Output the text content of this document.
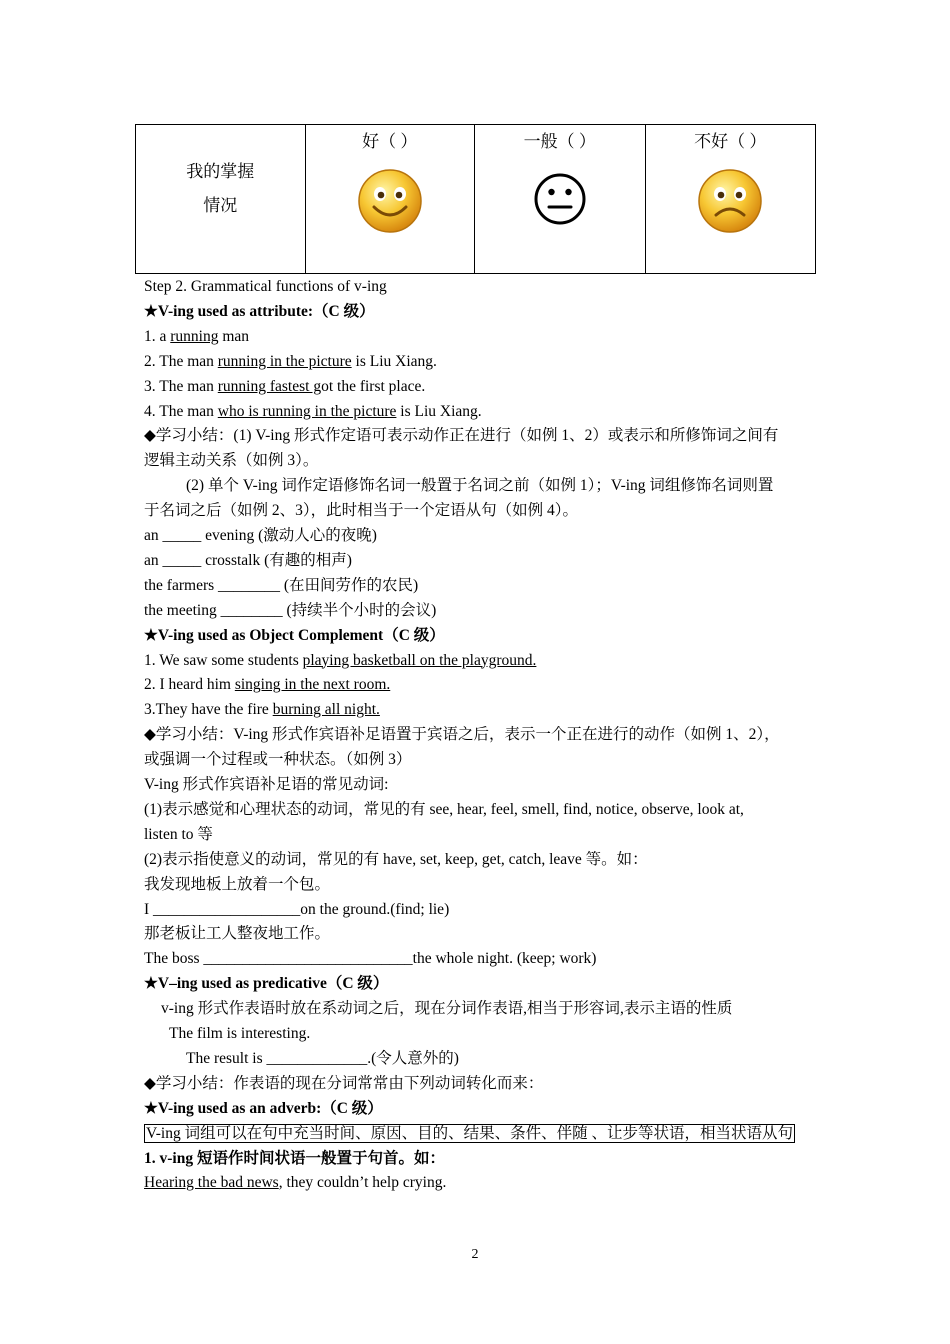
我的掌握
情况
好（ ）	一般（ ）	不好（ ）
Step 2. Grammatical functions of v-ing
★V-ing used as attribute:（C 级）
1. a running man
2. The man running in the picture is Liu Xiang.
3. The man running fastest got the first place.
4. The man who is running in the picture is Liu Xiang.
◆学习小结：(1) V-ing 形式作定语可表示动作正在进行（如例 1、2）或表示和所修饰词之间有
逻辑主动关系（如例 3）。
(2) 单个 V-ing 词作定语修饰名词一般置于名词之前（如例 1）；V-ing 词组修饰名词则置
于名词之后（如例 2、3），此时相当于一个定语从句（如例 4）。
an _____ evening (激动人心的夜晚)
an _____ crosstalk (有趣的相声)
the farmers ________ (在田间劳作的农民)
the meeting ________ (持续半个小时的会议)
★V-ing used as Object Complement（C 级）
1. We saw some students playing basketball on the playground.
2. I heard him singing in the next room.
3.They have the fire burning all night.
◆学习小结：V-ing 形式作宾语补足语置于宾语之后，表示一个正在进行的动作（如例 1、2），
或强调一个过程或一种状态。（如例 3）
V-ing 形式作宾语补足语的常见动词:
(1)表示感觉和心理状态的动词，常见的有 see, hear, feel, smell, find, notice, observe, look at,
listen to 等
(2)表示指使意义的动词，常见的有 have, set, keep, get, catch, leave 等。如：
我发现地板上放着一个包。
I ___________________on the ground.(find; lie)
那老板让工人整夜地工作。
The boss ___________________________the whole night. (keep; work)
★V–ing used as predicative（C 级）
v-ing 形式作表语时放在系动词之后，现在分词作表语,相当于形容词,表示主语的性质
The film is interesting.
The result is _____________.(令人意外的)
◆学习小结：作表语的现在分词常常由下列动词转化而来：
★V-ing used as an adverb:（C 级）
V-ing 词组可以在句中充当时间、原因、目的、结果、条件、伴随 、让步等状语，相当状语从句
1. v-ing 短语作时间状语一般置于句首。如：
Hearing the bad news, they couldn’t help crying.
2
